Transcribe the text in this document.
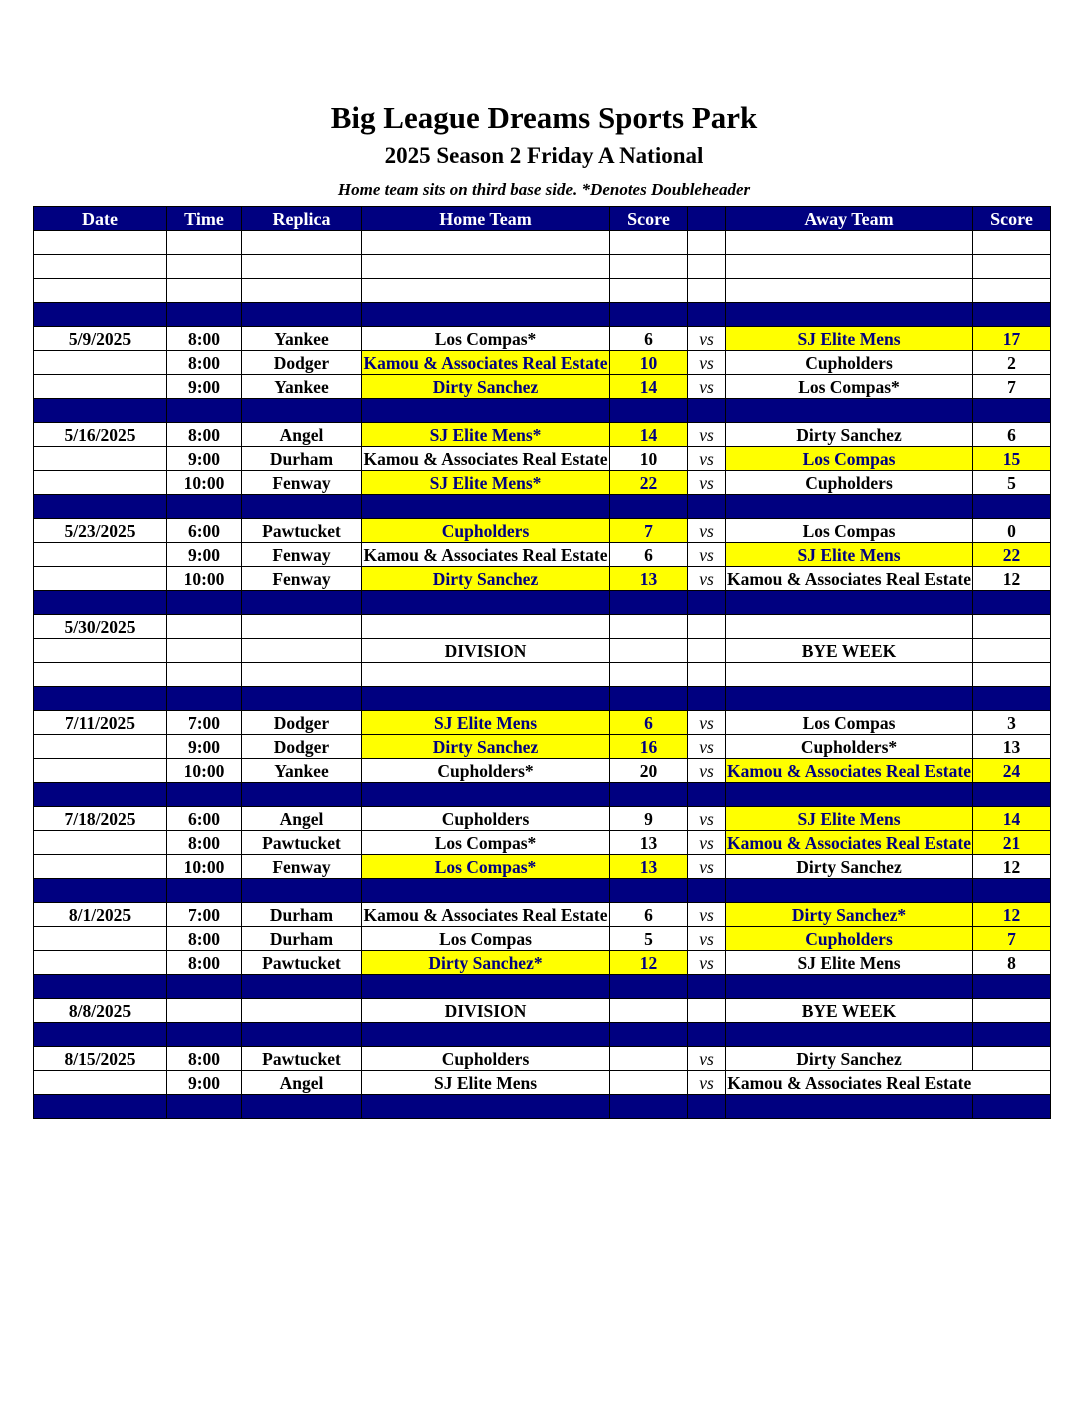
Big League Dreams Sports Park
2025 Season 2 Friday A National
Home team sits on third base side. *Denotes Doubleheader
Date	Time	Replica	Home Team	Score		Away Team	Score

5/9/2025	8:00	Yankee	Los Compas*	6	vs	SJ Elite Mens	17
	8:00	Dodger	Kamou & Associates Real Estate	10	vs	Cupholders	2
	9:00	Yankee	Dirty Sanchez	14	vs	Los Compas*	7

5/16/2025	8:00	Angel	SJ Elite Mens*	14	vs	Dirty Sanchez	6
	9:00	Durham	Kamou & Associates Real Estate	10	vs	Los Compas	15
	10:00	Fenway	SJ Elite Mens*	22	vs	Cupholders	5

5/23/2025	6:00	Pawtucket	Cupholders	7	vs	Los Compas	0
	9:00	Fenway	Kamou & Associates Real Estate	6	vs	SJ Elite Mens	22
	10:00	Fenway	Dirty Sanchez	13	vs	Kamou & Associates Real Estate	12

5/30/2025							
			DIVISION			BYE WEEK	

7/11/2025	7:00	Dodger	SJ Elite Mens	6	vs	Los Compas	3
	9:00	Dodger	Dirty Sanchez	16	vs	Cupholders*	13
	10:00	Yankee	Cupholders*	20	vs	Kamou & Associates Real Estate	24

7/18/2025	6:00	Angel	Cupholders	9	vs	SJ Elite Mens	14
	8:00	Pawtucket	Los Compas*	13	vs	Kamou & Associates Real Estate	21
	10:00	Fenway	Los Compas*	13	vs	Dirty Sanchez	12

8/1/2025	7:00	Durham	Kamou & Associates Real Estate	6	vs	Dirty Sanchez*	12
	8:00	Durham	Los Compas	5	vs	Cupholders	7
	8:00	Pawtucket	Dirty Sanchez*	12	vs	SJ Elite Mens	8

8/8/2025			DIVISION			BYE WEEK	

8/15/2025	8:00	Pawtucket	Cupholders		vs	Dirty Sanchez	
	9:00	Angel	SJ Elite Mens		vs	Kamou & Associates Real Estate	
